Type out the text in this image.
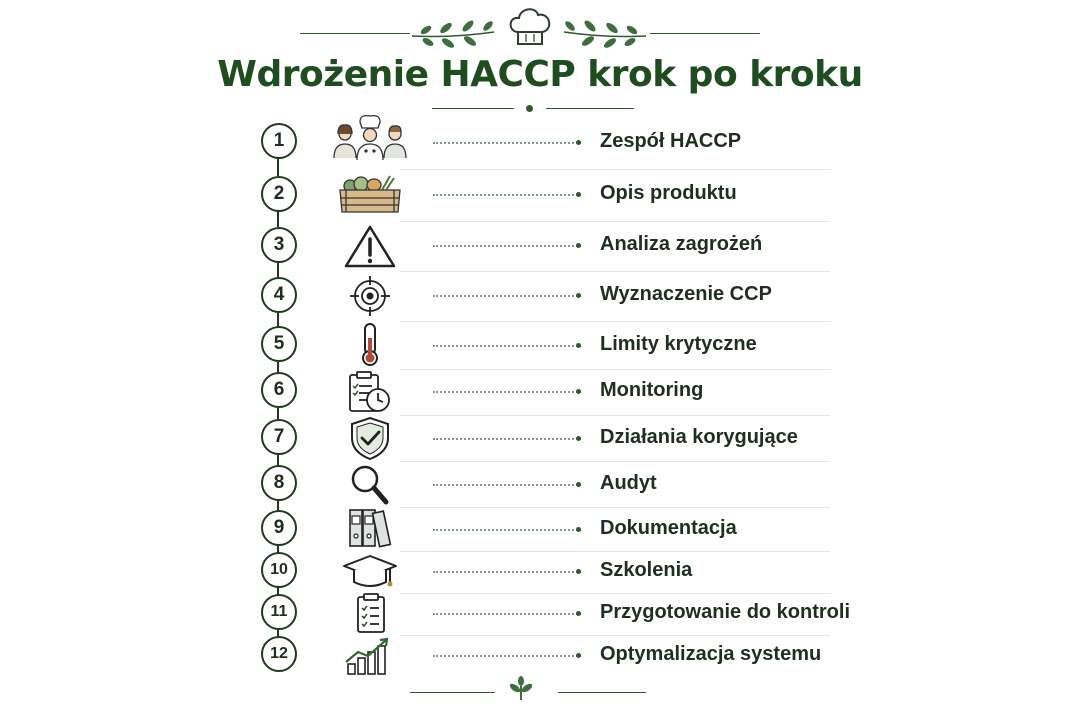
Wdrożenie HACCP krok po kroku
1	Zespół HACCP
2	Opis produktu
3	Analiza zagrożeń
4	Wyznaczenie CCP
5	Limity krytyczne
6	Monitoring
7	Działania korygujące
8	Audyt
9	Dokumentacja
10	Szkolenia
11	Przygotowanie do kontroli
12	Optymalizacja systemu
